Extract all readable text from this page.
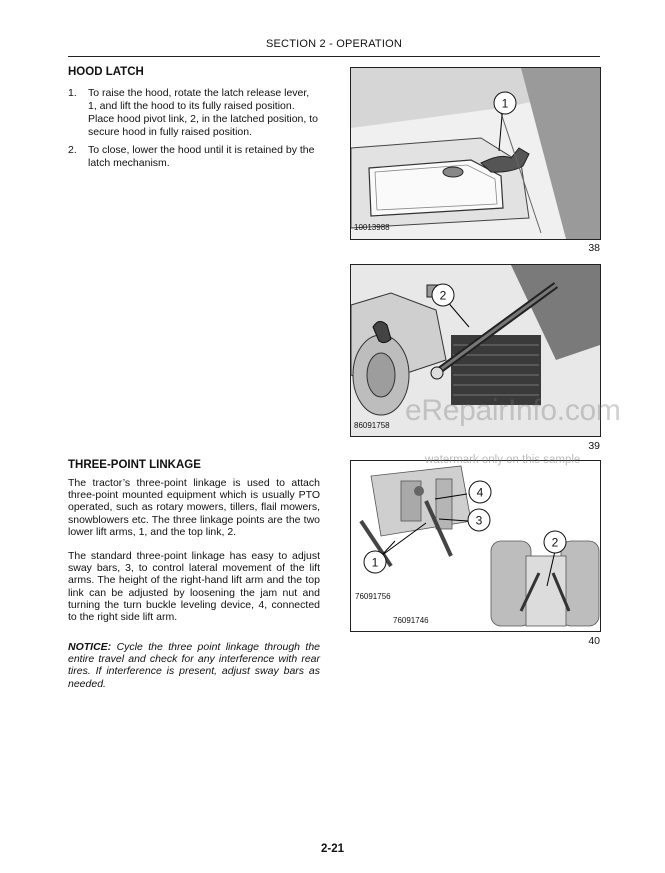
SECTION 2 - OPERATION
HOOD LATCH
1. To raise the hood, rotate the latch release lever, 1, and lift the hood to its fully raised position. Place hood pivot link, 2, in the latched position, to secure hood in fully raised position.
2. To close, lower the hood until it is retained by the latch mechanism.
THREE-POINT LINKAGE
The tractor’s three-point linkage is used to attach three-point mounted equipment which is usually PTO operated, such as rotary mowers, tillers, flail mowers, snowblowers etc. The three linkage points are the two lower lift arms, 1, and the top link, 2.
The standard three-point linkage has easy to adjust sway bars, 3, to control lateral movement of the lift arms. The height of the right-hand lift arm and the top link can be adjusted by loosening the jam nut and turning the turn buckle leveling device, 4, connected to the right side lift arm.
NOTICE: Cycle the three point linkage through the entire travel and check for any interference with rear tires. If interference is present, adjust sway bars as needed.
1
10013988
38
2
86091758
39
4
3
1
2
76091756
76091746
40
eRepairInfo.com
watermark only on this sample
2-21
